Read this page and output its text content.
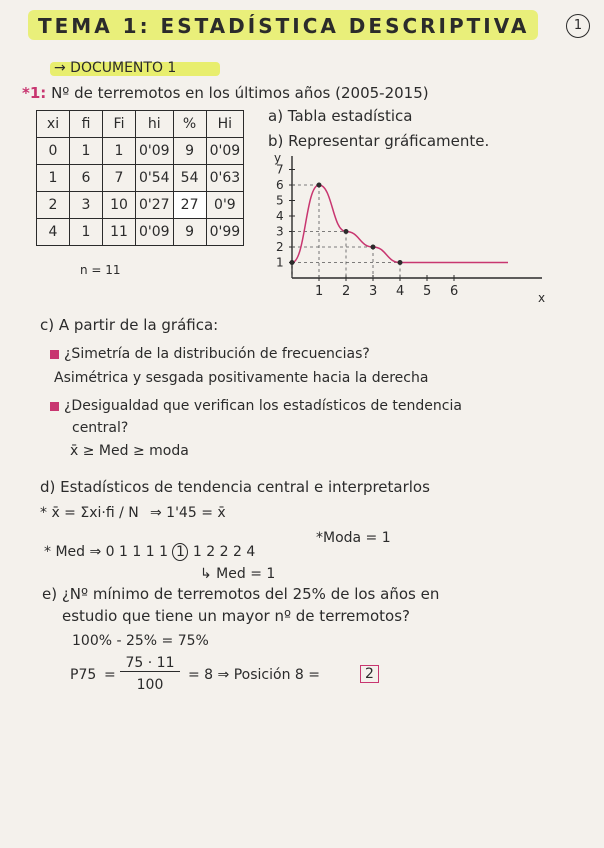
TEMA 1: ESTADÍSTICA DESCRIPTIVA	1
→ DOCUMENTO 1
*1: Nº de terremotos en los últimos años (2005-2015)
xi	fi	Fi	hi	%	Hi
0	1	1	0'09	9	0'09
1	6	7	0'54	54	0'63
2	3	10	0'27	27	0'9
4	1	11	0'09	9	0'99
n = 11
a) Tabla estadística
b) Representar gráficamente.
x
y
1 2 3 4 5 6
1
2
3
4
5
6
7
c) A partir de la gráfica:
¿Simetría de la distribución de frecuencias?
Asimétrica y sesgada positivamente hacia la derecha
¿Desigualdad que verifican los estadísticos de tendencia
central?
x̄ ≥ Med ≥ moda
d) Estadísticos de tendencia central e interpretarlos
* x̄ = Σxi·fi / N ⇒ 1'45 = x̄
*Moda = 1
* Med ⇒ 0 1 1 1 1 1 1 2 2 2 4
↳ Med = 1
e) ¿Nº mínimo de terremotos del 25% de los años en
estudio que tiene un mayor nº de terremotos?
100% - 25% = 75%
P75 =
75 · 11
100
= 8 ⇒ Posición 8 =	2
